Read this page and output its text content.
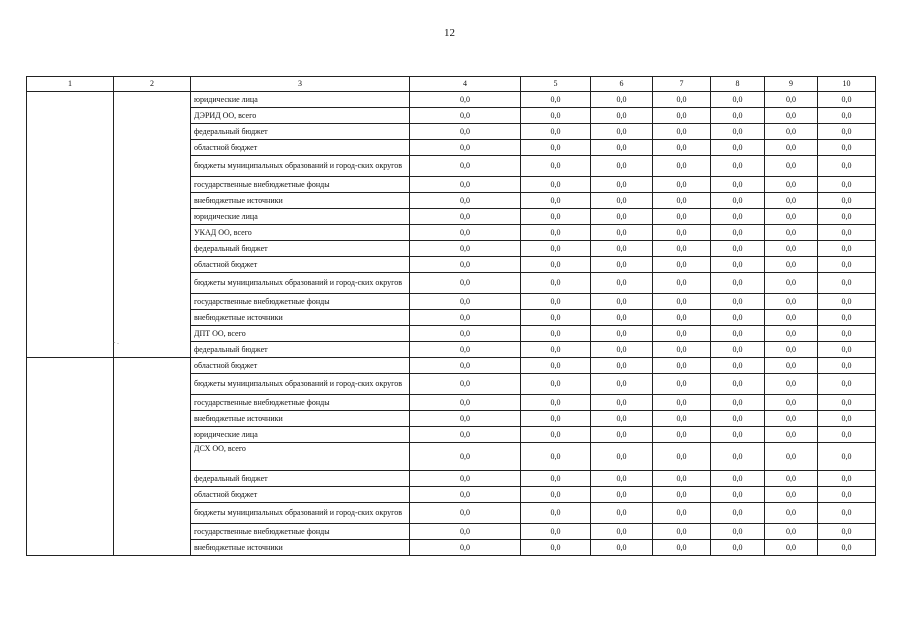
12
1	2	3	4	5	6	7	8	9	10
		юридические лица	0,0	0,0	0,0	0,0	0,0	0,0	0,0
		ДЭРИД ОО, всего	0,0	0,0	0,0	0,0	0,0	0,0	0,0
		федеральный бюджет	0,0	0,0	0,0	0,0	0,0	0,0	0,0
		областной бюджет	0,0	0,0	0,0	0,0	0,0	0,0	0,0
		бюджеты муниципальных образований и город-ских округов	0,0	0,0	0,0	0,0	0,0	0,0	0,0
		государственные внебюджетные фонды	0,0	0,0	0,0	0,0	0,0	0,0	0,0
		внебюджетные источники	0,0	0,0	0,0	0,0	0,0	0,0	0,0
		юридические лица	0,0	0,0	0,0	0,0	0,0	0,0	0,0
		УКАД ОО, всего	0,0	0,0	0,0	0,0	0,0	0,0	0,0
		федеральный бюджет	0,0	0,0	0,0	0,0	0,0	0,0	0,0
		областной бюджет	0,0	0,0	0,0	0,0	0,0	0,0	0,0
		бюджеты муниципальных образований и город-ских округов	0,0	0,0	0,0	0,0	0,0	0,0	0,0
		государственные внебюджетные фонды	0,0	0,0	0,0	0,0	0,0	0,0	0,0
		внебюджетные источники	0,0	0,0	0,0	0,0	0,0	0,0	0,0
		ДПТ ОО, всего	0,0	0,0	0,0	0,0	0,0	0,0	0,0
		федеральный бюджет	0,0	0,0	0,0	0,0	0,0	0,0	0,0
		областной бюджет	0,0	0,0	0,0	0,0	0,0	0,0	0,0
		бюджеты муниципальных образований и город-ских округов	0,0	0,0	0,0	0,0	0,0	0,0	0,0
		государственные внебюджетные фонды	0,0	0,0	0,0	0,0	0,0	0,0	0,0
		внебюджетные источники	0,0	0,0	0,0	0,0	0,0	0,0	0,0
		юридические лица	0,0	0,0	0,0	0,0	0,0	0,0	0,0
		ДСХ ОО, всего	0,0	0,0	0,0	0,0	0,0	0,0	0,0
		федеральный бюджет	0,0	0,0	0,0	0,0	0,0	0,0	0,0
		областной бюджет	0,0	0,0	0,0	0,0	0,0	0,0	0,0
		бюджеты муниципальных образований и город-ских округов	0,0	0,0	0,0	0,0	0,0	0,0	0,0
		государственные внебюджетные фонды	0,0	0,0	0,0	0,0	0,0	0,0	0,0
		внебюджетные источники	0,0	0,0	0,0	0,0	0,0	0,0	0,0
- .
